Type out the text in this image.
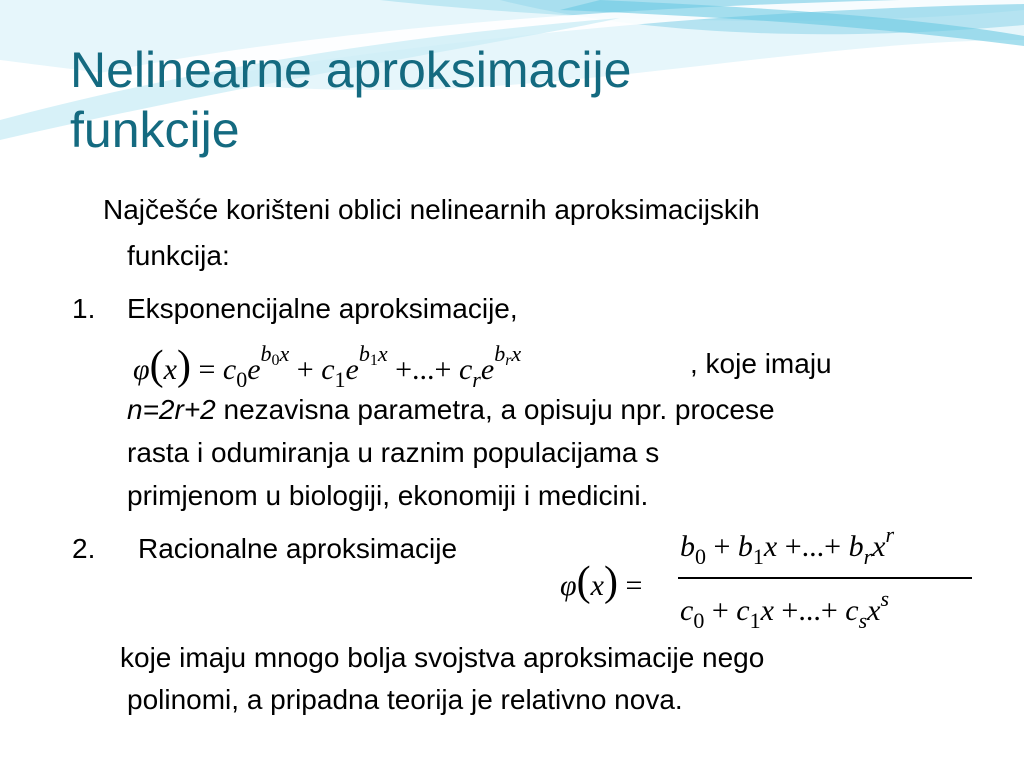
Nelinearne aproksimacije
funkcije

Najčešće korišteni oblici nelinearnih aproksimacijskih

funkcija:

1. Eksponencijalne aproksimacije,

$\varphi(x) = c_0e^{b0x} + c_1e^{b1x}$ +...+ $c_re^{brx}$	, koje imaju

n=2r+2 nezavisna parametra, a opisuju npr. procese

rasta i odumiranja u raznim populacijama s

primjenom u biologiji, ekonomiji i medicini.

2. Racionalne aproksimacije

φ(x) =
$b_0 + b_1x$ +...+ $b_rx^r$
$c_0 + c_1x$ +...+ $c_sx^s$

koje imaju mnogo bolja svojstva aproksimacije nego

polinomi, a pripadna teorija je relativno nova.
